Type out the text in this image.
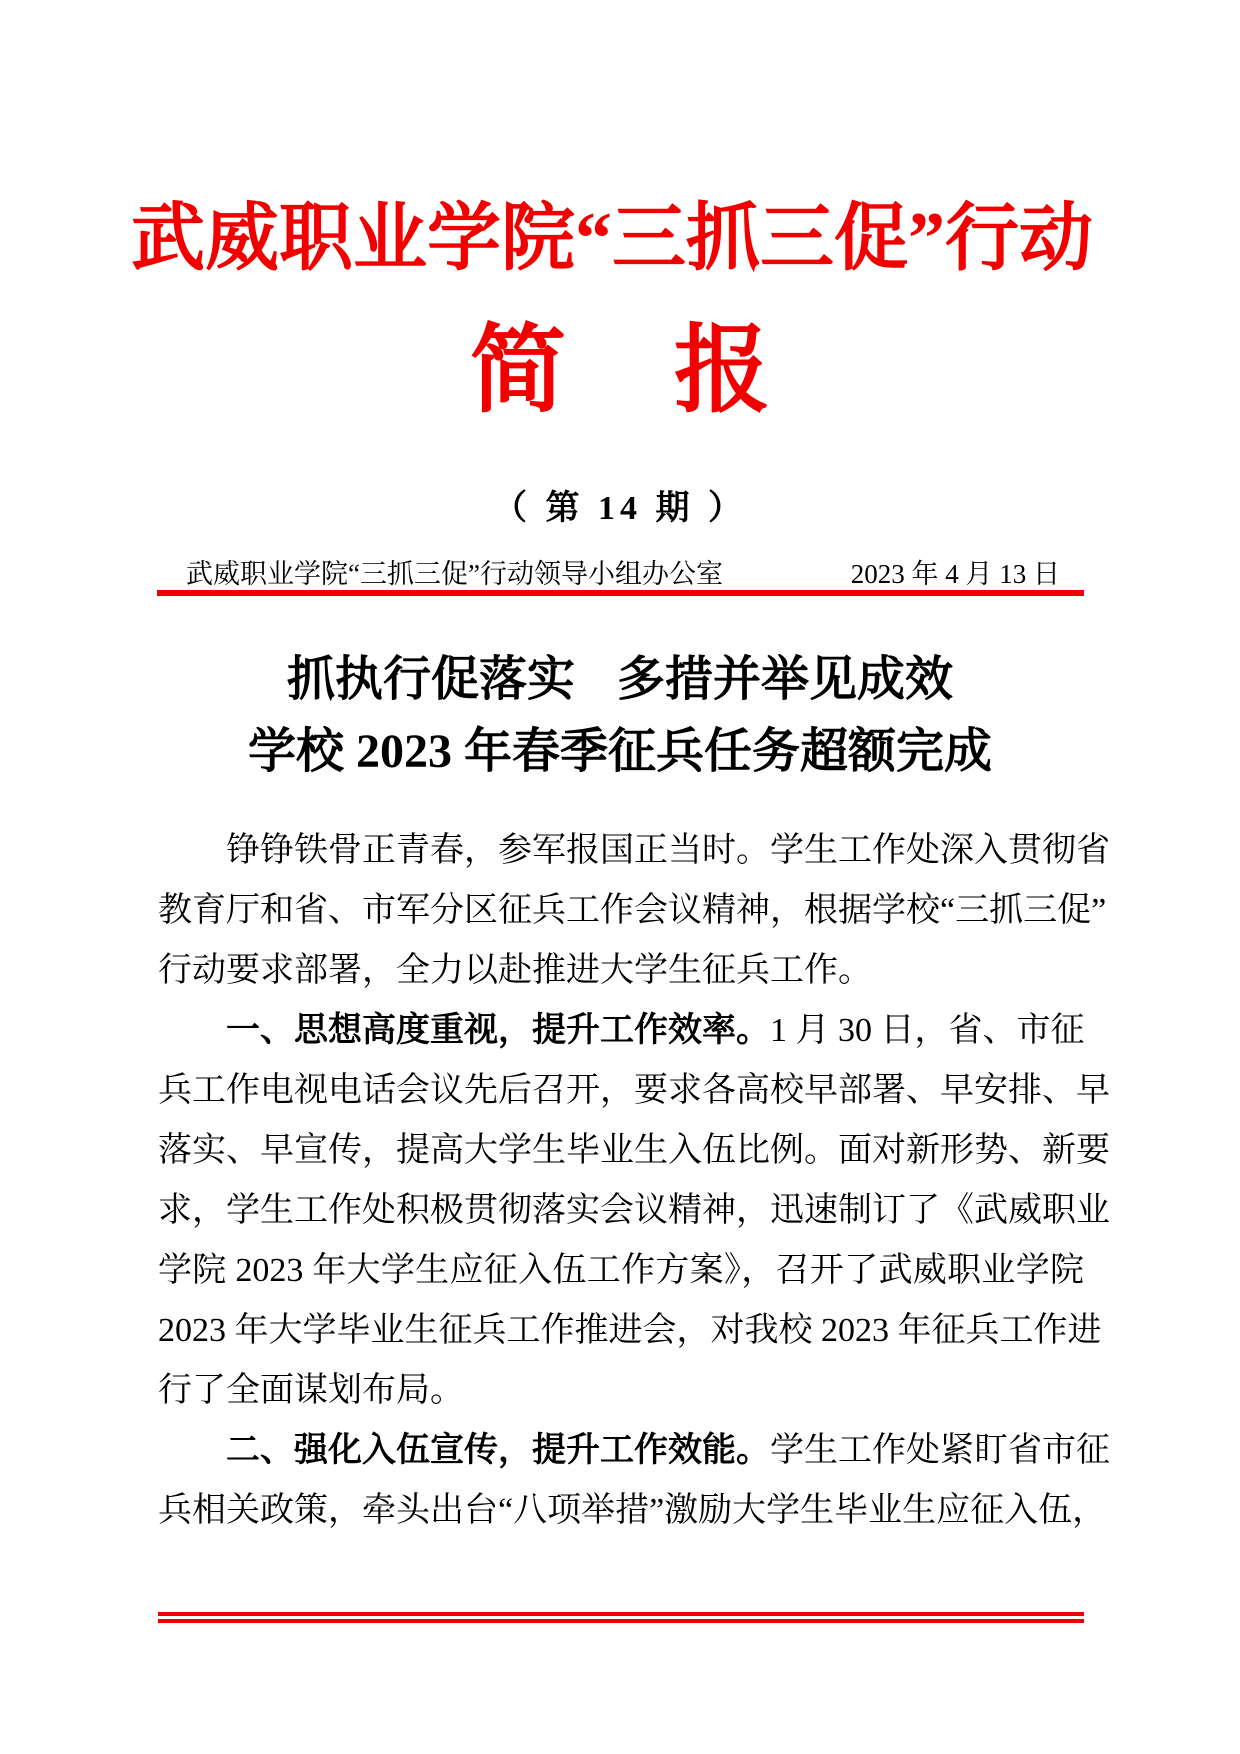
武威职业学院“三抓三促”行动
简 报
（ 第 14 期 ）
武威职业学院“三抓三促”行动领导小组办公室	2023 年 4 月 13 日
抓执行促落实 多措并举见成效
学校 2023 年春季征兵任务超额完成
铮铮铁骨正青春，参军报国正当时。学生工作处深入贯彻省
教育厅和省、市军分区征兵工作会议精神，根据学校“三抓三促”
行动要求部署，全力以赴推进大学生征兵工作。
一、思想高度重视，提升工作效率。1 月 30 日，省、市征
兵工作电视电话会议先后召开，要求各高校早部署、早安排、早
落实、早宣传，提高大学生毕业生入伍比例。面对新形势、新要
求，学生工作处积极贯彻落实会议精神，迅速制订了《武威职业
学院 2023 年大学生应征入伍工作方案》，召开了武威职业学院
2023 年大学毕业生征兵工作推进会，对我校 2023 年征兵工作进
行了全面谋划布局。
二、强化入伍宣传，提升工作效能。学生工作处紧盯省市征
兵相关政策，牵头出台“八项举措”激励大学生毕业生应征入伍，
